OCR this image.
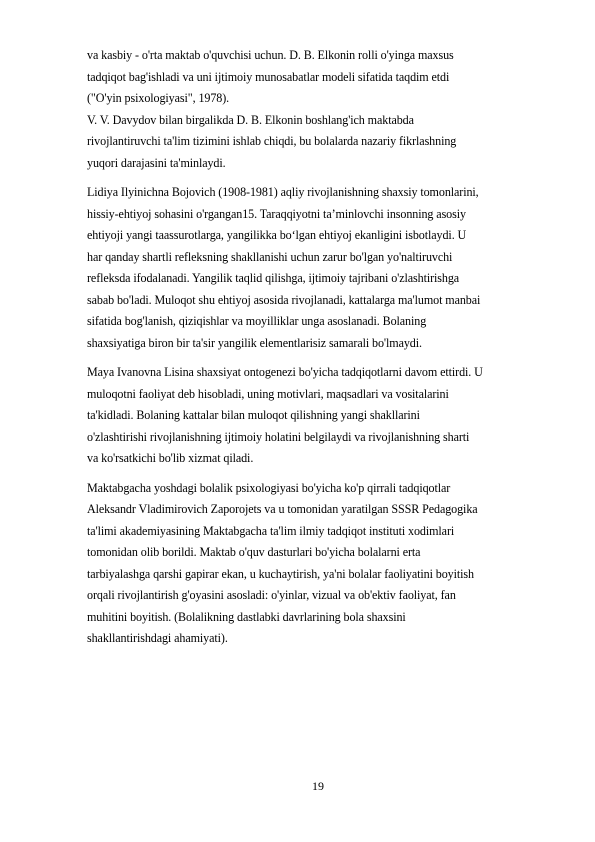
va kasbiy - o'rta maktab o'quvchisi uchun. D. B. Elkonin rolli o'yinga maxsus
tadqiqot bag'ishladi va uni ijtimoiy munosabatlar modeli sifatida taqdim etdi
("O'yin psixologiyasi", 1978).
V. V. Davydov bilan birgalikda D. B. Elkonin boshlang'ich maktabda
rivojlantiruvchi ta'lim tizimini ishlab chiqdi, bu bolalarda nazariy fikrlashning
yuqori darajasini ta'minlaydi.
Lidiya Ilyinichna Bojovich (1908-1981) aqliy rivojlanishning shaxsiy tomonlarini,
hissiy-ehtiyoj sohasini o'rgangan15. Taraqqiyotni ta’minlovchi insonning asosiy
ehtiyoji yangi taassurotlarga, yangilikka bo‘lgan ehtiyoj ekanligini isbotlaydi. U
har qanday shartli refleksning shakllanishi uchun zarur bo'lgan yo'naltiruvchi
refleksda ifodalanadi. Yangilik taqlid qilishga, ijtimoiy tajribani o'zlashtirishga
sabab bo'ladi. Muloqot shu ehtiyoj asosida rivojlanadi, kattalarga ma'lumot manbai
sifatida bog'lanish, qiziqishlar va moyilliklar unga asoslanadi. Bolaning
shaxsiyatiga biron bir ta'sir yangilik elementlarisiz samarali bo'lmaydi.
Maya Ivanovna Lisina shaxsiyat ontogenezi bo'yicha tadqiqotlarni davom ettirdi. U
muloqotni faoliyat deb hisobladi, uning motivlari, maqsadlari va vositalarini
ta'kidladi. Bolaning kattalar bilan muloqot qilishning yangi shakllarini
o'zlashtirishi rivojlanishning ijtimoiy holatini belgilaydi va rivojlanishning sharti
va ko'rsatkichi bo'lib xizmat qiladi.
Maktabgacha yoshdagi bolalik psixologiyasi bo'yicha ko'p qirrali tadqiqotlar
Aleksandr Vladimirovich Zaporojets va u tomonidan yaratilgan SSSR Pedagogika
ta'limi akademiyasining Maktabgacha ta'lim ilmiy tadqiqot instituti xodimlari
tomonidan olib borildi. Maktab o'quv dasturlari bo'yicha bolalarni erta
tarbiyalashga qarshi gapirar ekan, u kuchaytirish, ya'ni bolalar faoliyatini boyitish
orqali rivojlantirish g'oyasini asosladi: o'yinlar, vizual va ob'ektiv faoliyat, fan
muhitini boyitish. (Bolalikning dastlabki davrlarining bola shaxsini
shakllantirishdagi ahamiyati).
19
